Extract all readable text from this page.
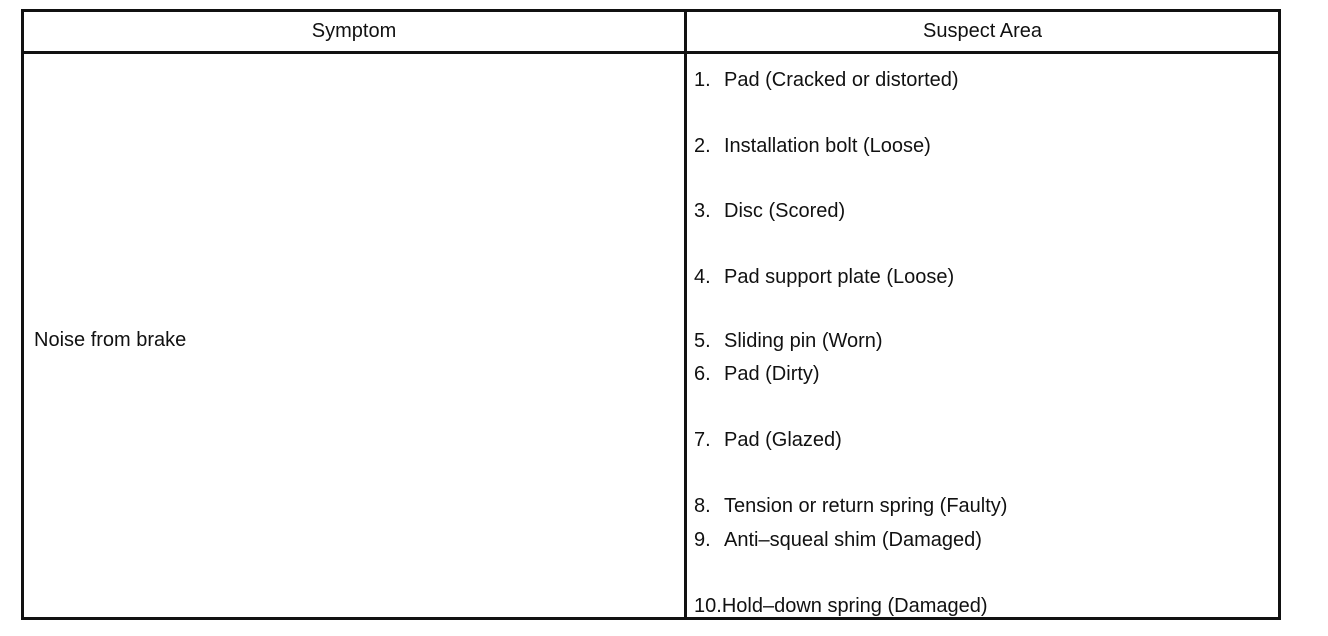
Symptom	Suspect Area
Noise from brake
1. Pad (Cracked or distorted)
2. Installation bolt (Loose)
3. Disc (Scored)
4. Pad support plate (Loose)
5. Sliding pin (Worn)
6. Pad (Dirty)
7. Pad (Glazed)
8. Tension or return spring (Faulty)
9. Anti–squeal shim (Damaged)
10.Hold–down spring (Damaged)
